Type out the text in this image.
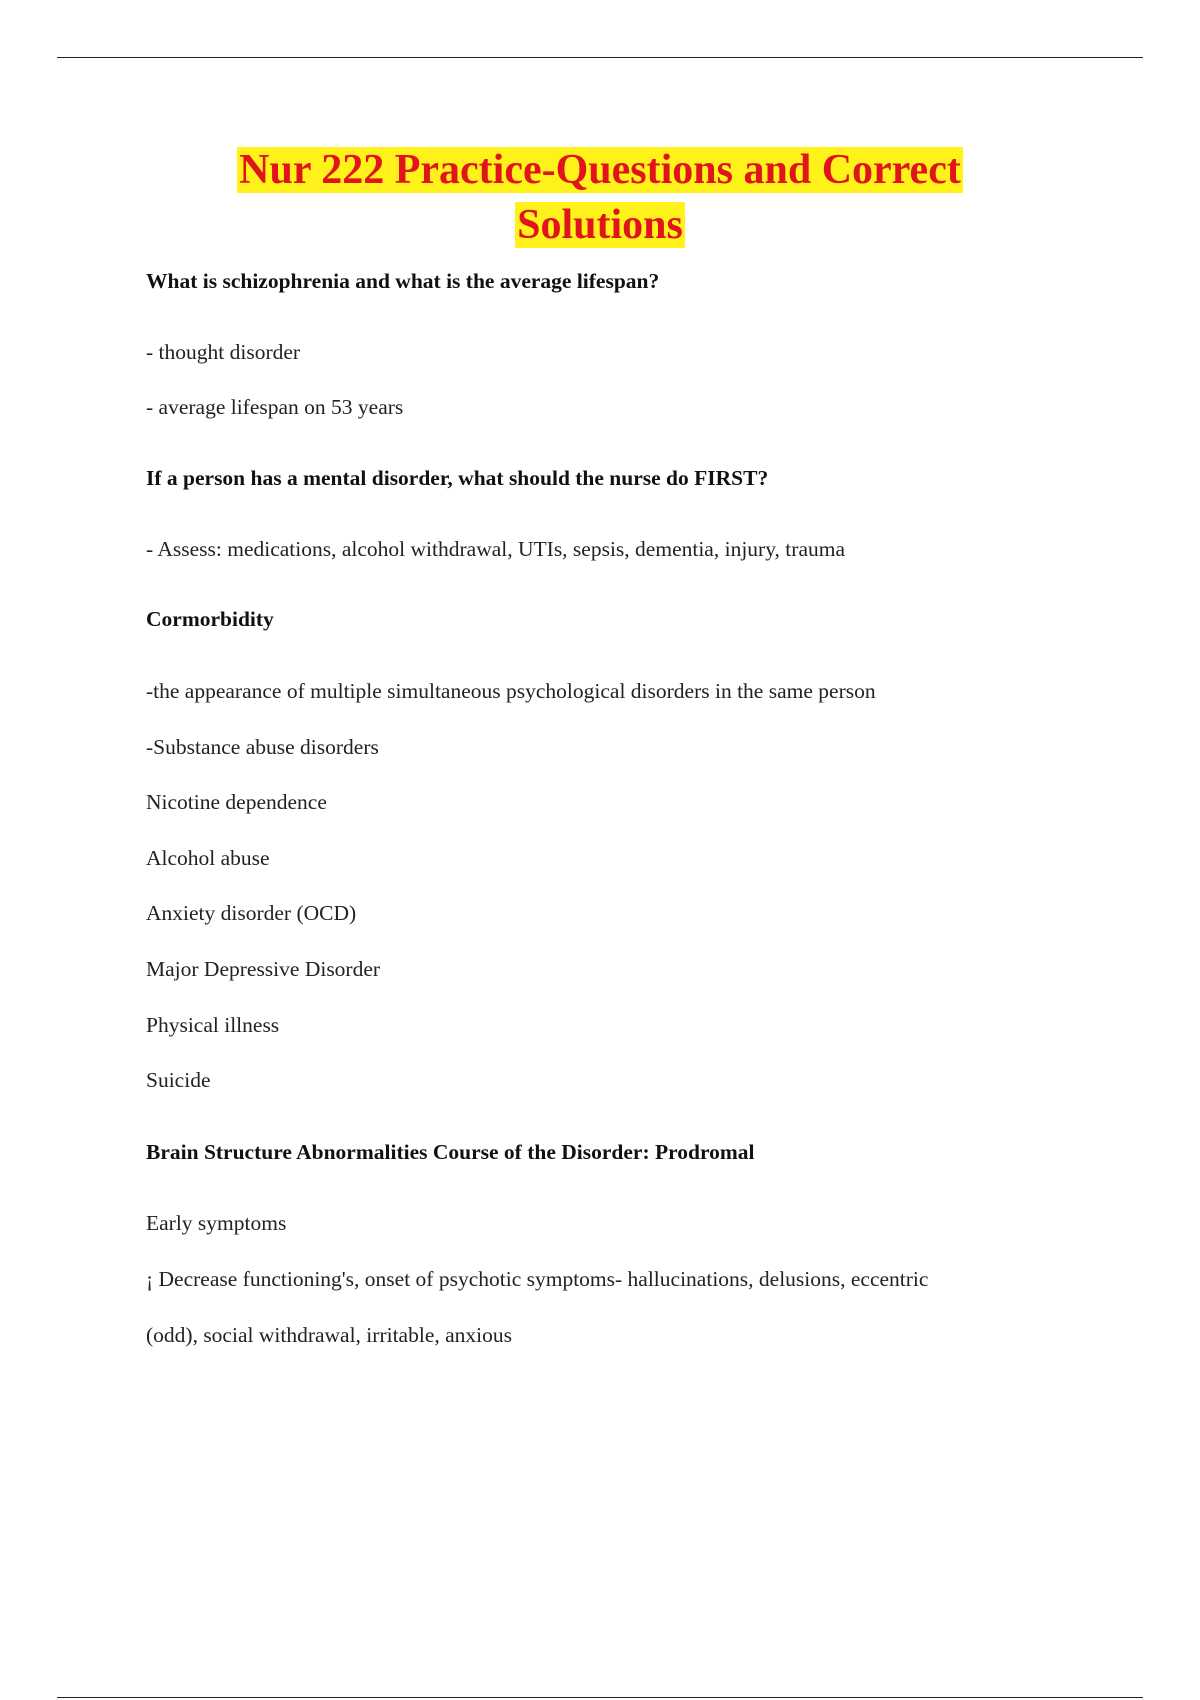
Nur 222 Practice-Questions and Correct Solutions

What is schizophrenia and what is the average lifespan?

- thought disorder

- average lifespan on 53 years

If a person has a mental disorder, what should the nurse do FIRST?

- Assess: medications, alcohol withdrawal, UTIs, sepsis, dementia, injury, trauma

Cormorbidity

-the appearance of multiple simultaneous psychological disorders in the same person

-Substance abuse disorders

Nicotine dependence

Alcohol abuse

Anxiety disorder (OCD)

Major Depressive Disorder

Physical illness

Suicide

Brain Structure Abnormalities Course of the Disorder: Prodromal

Early symptoms

¡ Decrease functioning's, onset of psychotic symptoms- hallucinations, delusions, eccentric

(odd), social withdrawal, irritable, anxious
